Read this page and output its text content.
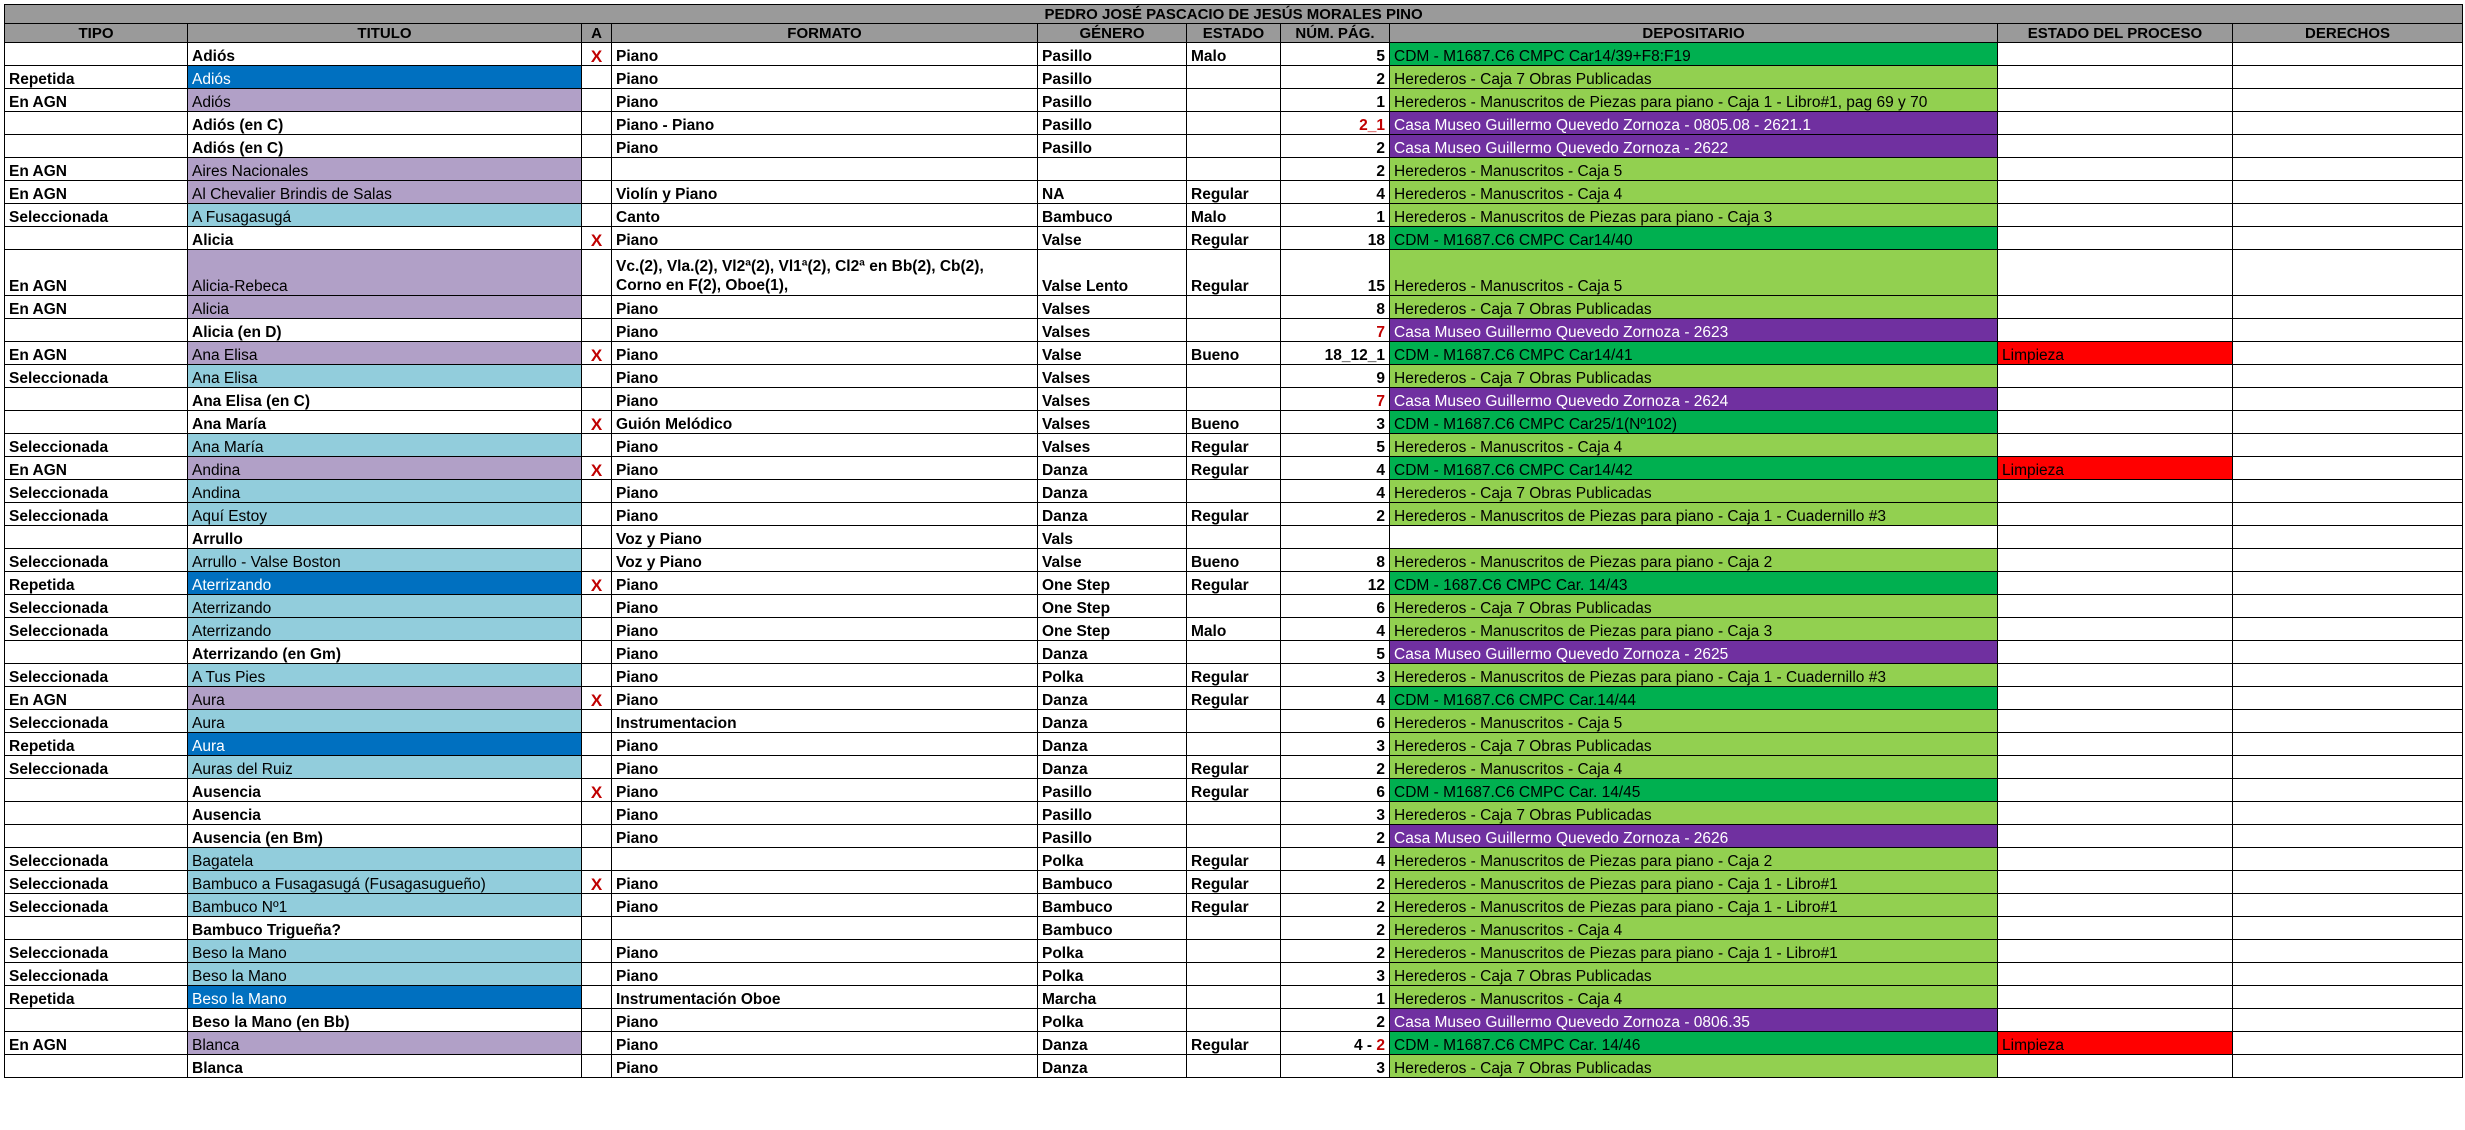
PEDRO JOSÉ PASCACIO DE JESÚS MORALES PINO									
TIPO	TITULO	A	FORMATO	GÉNERO	ESTADO	NÚM. PÁG.	DEPOSITARIO	ESTADO DEL PROCESO	DERECHOS
	Adiós	X	Piano	Pasillo	Malo	5	CDM - M1687.C6 CMPC Car14/39+F8:F19		
Repetida	Adiós		Piano	Pasillo		2	Herederos - Caja 7 Obras Publicadas		
En AGN	Adiós		Piano	Pasillo		1	Herederos - Manuscritos de Piezas para piano - Caja 1 - Libro#1, pag 69 y 70		
	Adiós (en C)		Piano - Piano	Pasillo		2_1	Casa Museo Guillermo Quevedo Zornoza - 0805.08 - 2621.1		
	Adiós (en C)		Piano	Pasillo		2	Casa Museo Guillermo Quevedo Zornoza - 2622		
En AGN	Aires Nacionales					2	Herederos - Manuscritos - Caja 5		
En AGN	Al Chevalier Brindis de Salas		Violín y Piano	NA	Regular	4	Herederos - Manuscritos - Caja 4		
Seleccionada	A Fusagasugá		Canto	Bambuco	Malo	1	Herederos - Manuscritos de Piezas para piano - Caja 3		
	Alicia	X	Piano	Valse	Regular	18	CDM - M1687.C6 CMPC Car14/40		
En AGN	Alicia-Rebeca		Vc.(2), Vla.(2), Vl2ª(2), Vl1ª(2), Cl2ª en Bb(2), Cb(2), Corno en F(2), Oboe(1),	Valse Lento	Regular	15	Herederos - Manuscritos - Caja 5		
En AGN	Alicia		Piano	Valses		8	Herederos - Caja 7 Obras Publicadas		
	Alicia (en D)		Piano	Valses		7	Casa Museo Guillermo Quevedo Zornoza - 2623		
En AGN	Ana Elisa	X	Piano	Valse	Bueno	18_12_1	CDM - M1687.C6 CMPC Car14/41	Limpieza	
Seleccionada	Ana Elisa		Piano	Valses		9	Herederos - Caja 7 Obras Publicadas		
	Ana Elisa (en C)		Piano	Valses		7	Casa Museo Guillermo Quevedo Zornoza - 2624		
	Ana María	X	Guión Melódico	Valses	Bueno	3	CDM - M1687.C6 CMPC Car25/1(Nº102)		
Seleccionada	Ana María		Piano	Valses	Regular	5	Herederos - Manuscritos - Caja 4		
En AGN	Andina	X	Piano	Danza	Regular	4	CDM - M1687.C6 CMPC Car14/42	Limpieza	
Seleccionada	Andina		Piano	Danza		4	Herederos - Caja 7 Obras Publicadas		
Seleccionada	Aquí Estoy		Piano	Danza	Regular	2	Herederos - Manuscritos de Piezas para piano - Caja 1 - Cuadernillo #3		
	Arrullo		Voz y Piano	Vals					
Seleccionada	Arrullo - Valse Boston		Voz y Piano	Valse	Bueno	8	Herederos - Manuscritos de Piezas para piano - Caja 2		
Repetida	Aterrizando	X	Piano	One Step	Regular	12	CDM - 1687.C6 CMPC Car. 14/43		
Seleccionada	Aterrizando		Piano	One Step		6	Herederos - Caja 7 Obras Publicadas		
Seleccionada	Aterrizando		Piano	One Step	Malo	4	Herederos - Manuscritos de Piezas para piano - Caja 3		
	Aterrizando (en Gm)		Piano	Danza		5	Casa Museo Guillermo Quevedo Zornoza - 2625		
Seleccionada	A Tus Pies		Piano	Polka	Regular	3	Herederos - Manuscritos de Piezas para piano - Caja 1 - Cuadernillo #3		
En AGN	Aura	X	Piano	Danza	Regular	4	CDM - M1687.C6 CMPC Car.14/44		
Seleccionada	Aura		Instrumentacion	Danza		6	Herederos - Manuscritos - Caja 5		
Repetida	Aura		Piano	Danza		3	Herederos - Caja 7 Obras Publicadas		
Seleccionada	Auras del Ruiz		Piano	Danza	Regular	2	Herederos - Manuscritos - Caja 4		
	Ausencia	X	Piano	Pasillo	Regular	6	CDM - M1687.C6 CMPC Car. 14/45		
	Ausencia		Piano	Pasillo		3	Herederos - Caja 7 Obras Publicadas		
	Ausencia (en Bm)		Piano	Pasillo		2	Casa Museo Guillermo Quevedo Zornoza - 2626		
Seleccionada	Bagatela			Polka	Regular	4	Herederos - Manuscritos de Piezas para piano - Caja 2		
Seleccionada	Bambuco a Fusagasugá (Fusagasugueño)	X	Piano	Bambuco	Regular	2	Herederos - Manuscritos de Piezas para piano - Caja 1 - Libro#1		
Seleccionada	Bambuco Nº1		Piano	Bambuco	Regular	2	Herederos - Manuscritos de Piezas para piano - Caja 1 - Libro#1		
	Bambuco Trigueña?			Bambuco		2	Herederos - Manuscritos - Caja 4		
Seleccionada	Beso la Mano		Piano	Polka		2	Herederos - Manuscritos de Piezas para piano - Caja 1 - Libro#1		
Seleccionada	Beso la Mano		Piano	Polka		3	Herederos - Caja 7 Obras Publicadas		
Repetida	Beso la Mano		Instrumentación Oboe	Marcha		1	Herederos - Manuscritos - Caja 4		
	Beso la Mano (en Bb)		Piano	Polka		2	Casa Museo Guillermo Quevedo Zornoza - 0806.35		
En AGN	Blanca		Piano	Danza	Regular	4 - 2	CDM - M1687.C6 CMPC Car. 14/46	Limpieza	
	Blanca		Piano	Danza		3	Herederos - Caja 7 Obras Publicadas		
